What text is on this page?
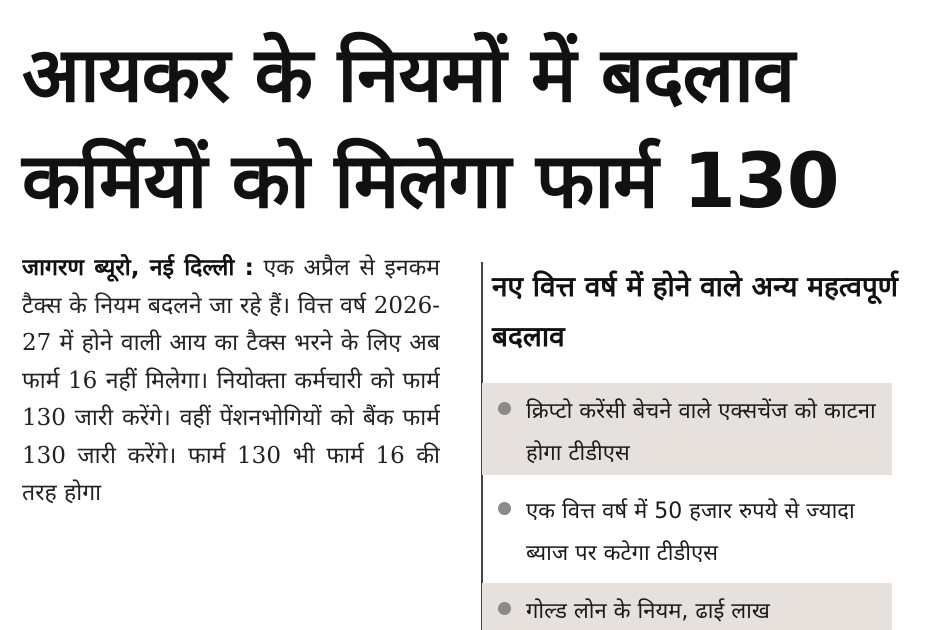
आयकर के नियमों में बदलाव
कर्मियों को मिलेगा फार्म 130
जागरण ब्यूरो, नई दिल्ली : एक अप्रैल से इनकम टैक्स के नियम बदलने जा रहे हैं। वित्त वर्ष 2026-27 में होने वाली आय का टैक्स भरने के लिए अब फार्म 16 नहीं मिलेगा। नियोक्ता कर्मचारी को फार्म 130 जारी करेंगे। वहीं पेंशनभोगियों को बैंक फार्म 130 जारी करेंगे। फार्म 130 भी फार्म 16 की तरह होगा
नए वित्त वर्ष में होने वाले अन्य महत्वपूर्ण बदलाव
क्रिप्टो करेंसी बेचने वाले एक्सचेंज को काटना होगा टीडीएस
एक वित्त वर्ष में 50 हजार रुपये से ज्यादा ब्याज पर कटेगा टीडीएस
गोल्ड लोन के नियम, ढाई लाख
